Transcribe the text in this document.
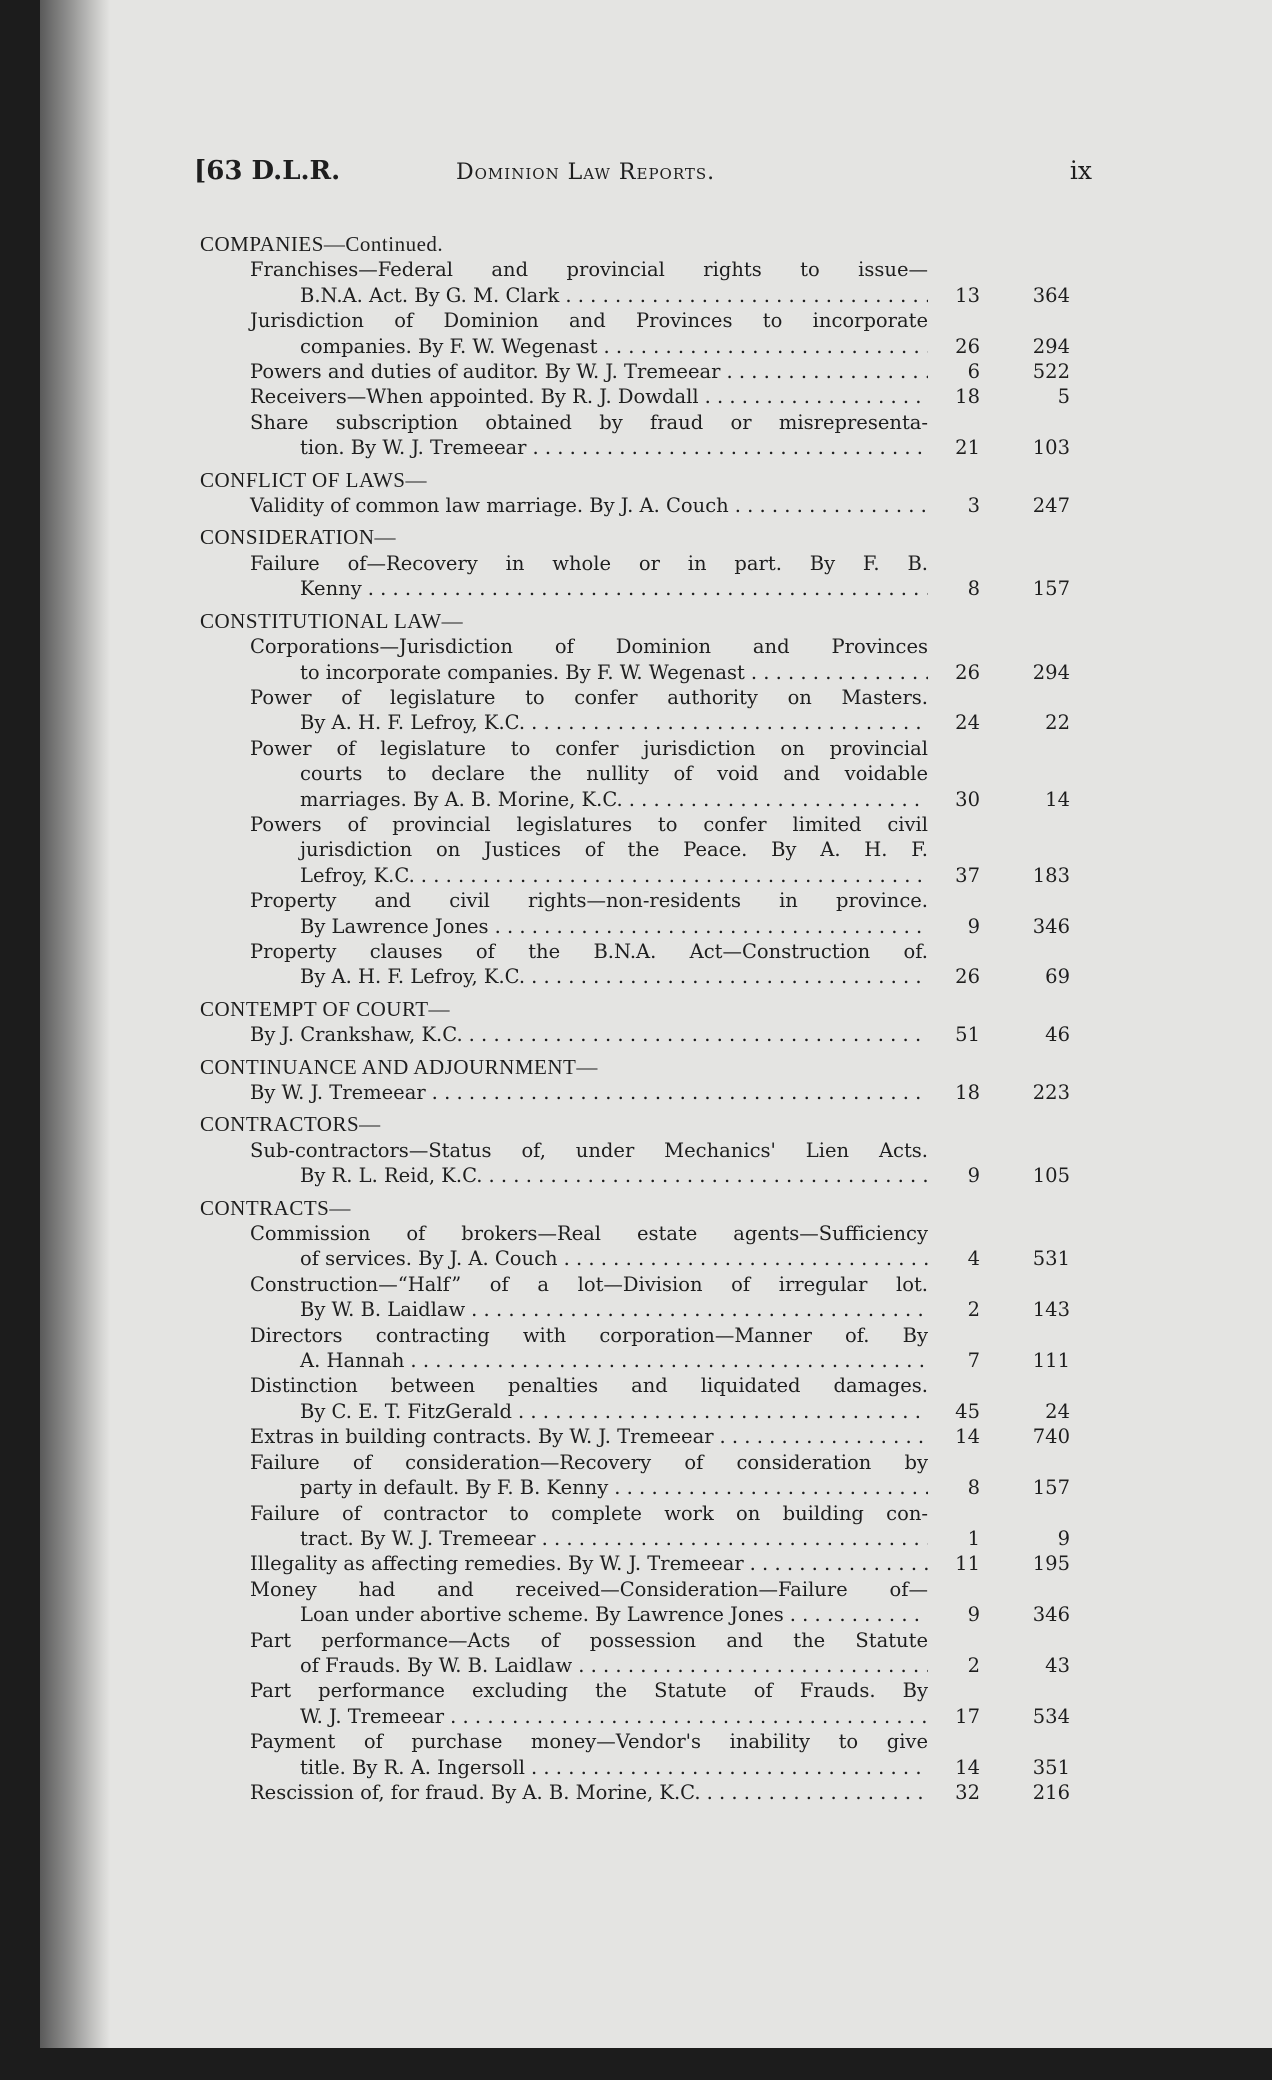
[63 D.L.R.	Dominion Law Reports.	ix
COMPANIES—Continued.
Franchises—Federal and provincial rights to issue—
B.N.A. Act. By G. M. Clark . . .	13	364
Jurisdiction of Dominion and Provinces to incorporate
companies. By F. W. Wegenast . . .	26	294
Powers and duties of auditor. By W. J. Tremeear . . .	6	522
Receivers—When appointed. By R. J. Dowdall . . .	18	5
Share subscription obtained by fraud or misrepresenta-
tion. By W. J. Tremeear . . .	21	103
CONFLICT OF LAWS—
Validity of common law marriage. By J. A. Couch . . .	3	247
CONSIDERATION—
Failure of—Recovery in whole or in part. By F. B.
Kenny . . .	8	157
CONSTITUTIONAL LAW—
Corporations—Jurisdiction of Dominion and Provinces
to incorporate companies. By F. W. Wegenast . . .	26	294
Power of legislature to confer authority on Masters.
By A. H. F. Lefroy, K.C. . . .	24	22
Power of legislature to confer jurisdiction on provincial
courts to declare the nullity of void and voidable
marriages. By A. B. Morine, K.C. . . .	30	14
Powers of provincial legislatures to confer limited civil
jurisdiction on Justices of the Peace. By A. H. F.
Lefroy, K.C. . . .	37	183
Property and civil rights—non-residents in province.
By Lawrence Jones . . .	9	346
Property clauses of the B.N.A. Act—Construction of.
By A. H. F. Lefroy, K.C. . . .	26	69
CONTEMPT OF COURT—
By J. Crankshaw, K.C. . . .	51	46
CONTINUANCE AND ADJOURNMENT—
By W. J. Tremeear . . .	18	223
CONTRACTORS—
Sub-contractors—Status of, under Mechanics' Lien Acts.
By R. L. Reid, K.C. . . .	9	105
CONTRACTS—
Commission of brokers—Real estate agents—Sufficiency
of services. By J. A. Couch . . .	4	531
Construction—“Half” of a lot—Division of irregular lot.
By W. B. Laidlaw . . .	2	143
Directors contracting with corporation—Manner of. By
A. Hannah . . .	7	111
Distinction between penalties and liquidated damages.
By C. E. T. FitzGerald . . .	45	24
Extras in building contracts. By W. J. Tremeear . . .	14	740
Failure of consideration—Recovery of consideration by
party in default. By F. B. Kenny . . .	8	157
Failure of contractor to complete work on building con-
tract. By W. J. Tremeear . . .	1	9
Illegality as affecting remedies. By W. J. Tremeear . . .	11	195
Money had and received—Consideration—Failure of—
Loan under abortive scheme. By Lawrence Jones . . .	9	346
Part performance—Acts of possession and the Statute
of Frauds. By W. B. Laidlaw . . .	2	43
Part performance excluding the Statute of Frauds. By
W. J. Tremeear . . .	17	534
Payment of purchase money—Vendor's inability to give
title. By R. A. Ingersoll . . .	14	351
Rescission of, for fraud. By A. B. Morine, K.C. . . .	32	216
